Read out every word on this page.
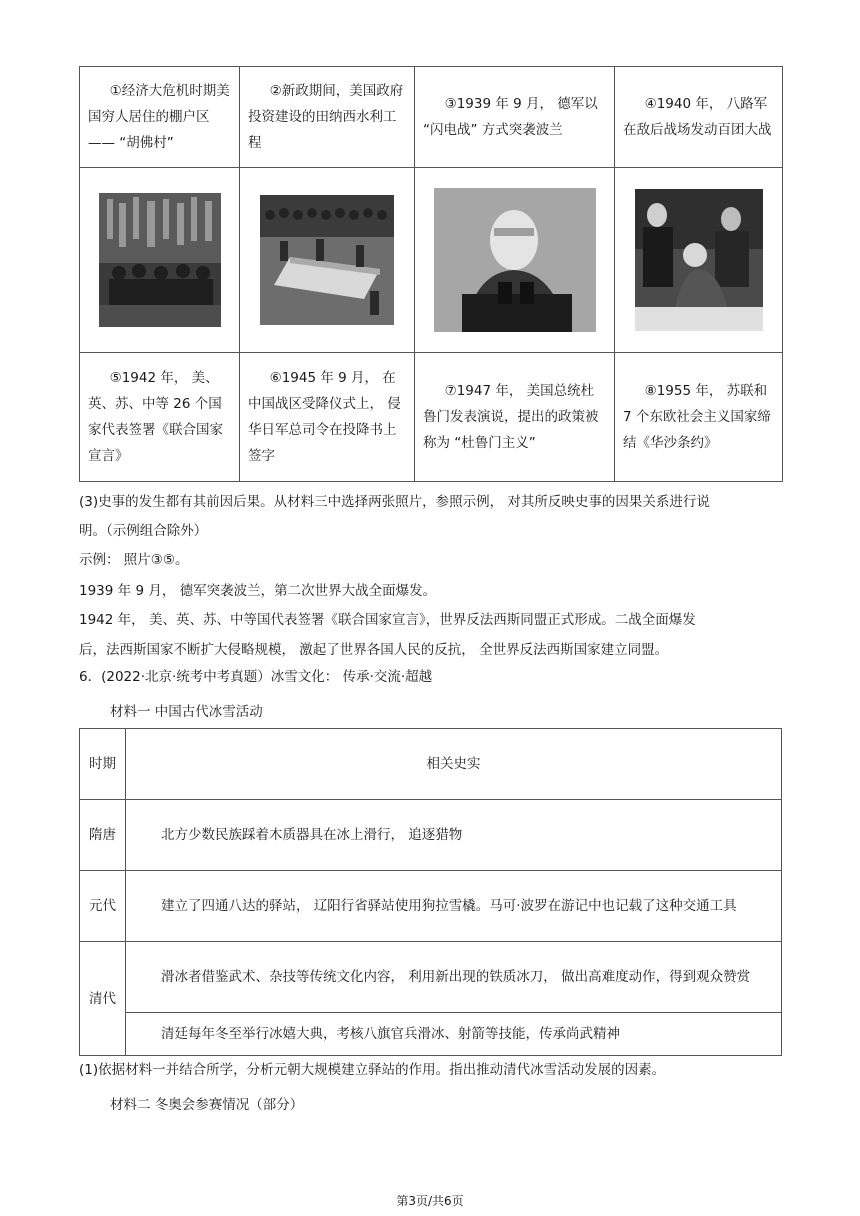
①经济大危机时期美国穷人居住的棚户区—— “胡佛村”	②新政期间，美国政府投资建设的田纳西水利工程	③1939 年 9 月， 德军以 “闪电战” 方式突袭波兰	④1940 年， 八路军在敌后战场发动百团大战

⑤1942 年， 美、英、苏、中等 26 个国家代表签署《联合国家宣言》	⑥1945 年 9 月， 在中国战区受降仪式上， 侵华日军总司令在投降书上签字	⑦1947 年， 美国总统杜鲁门发表演说，提出的政策被称为 “杜鲁门主义”	⑧1955 年， 苏联和 7 个东欧社会主义国家缔结《华沙条约》

(3)史事的发生都有其前因后果。从材料三中选择两张照片，参照示例， 对其所反映史事的因果关系进行说

明。（示例组合除外）

示例： 照片③⑤。

1939 年 9 月， 德军突袭波兰，第二次世界大战全面爆发。

1942 年， 美、英、苏、中等国代表签署《联合国家宣言》，世界反法西斯同盟正式形成。二战全面爆发

后，法西斯国家不断扩大侵略规模， 激起了世界各国人民的反抗， 全世界反法西斯国家建立同盟。

6．(2022·北京·统考中考真题）冰雪文化： 传承·交流·超越

材料一 中国古代冰雪活动

时期	相关史实
隋唐	北方少数民族踩着木质器具在冰上滑行， 追逐猎物
元代	建立了四通八达的驿站， 辽阳行省驿站使用狗拉雪橇。马可·波罗在游记中也记载了这种交通工具
清代	滑冰者借鉴武术、杂技等传统文化内容， 利用新出现的铁质冰刀， 做出高难度动作，得到观众赞赏
	清廷每年冬至举行冰嬉大典，考核八旗官兵滑冰、射箭等技能，传承尚武精神

(1)依据材料一并结合所学，分析元朝大规模建立驿站的作用。指出推动清代冰雪活动发展的因素。

材料二 冬奥会参赛情况（部分）

第3页/共6页
